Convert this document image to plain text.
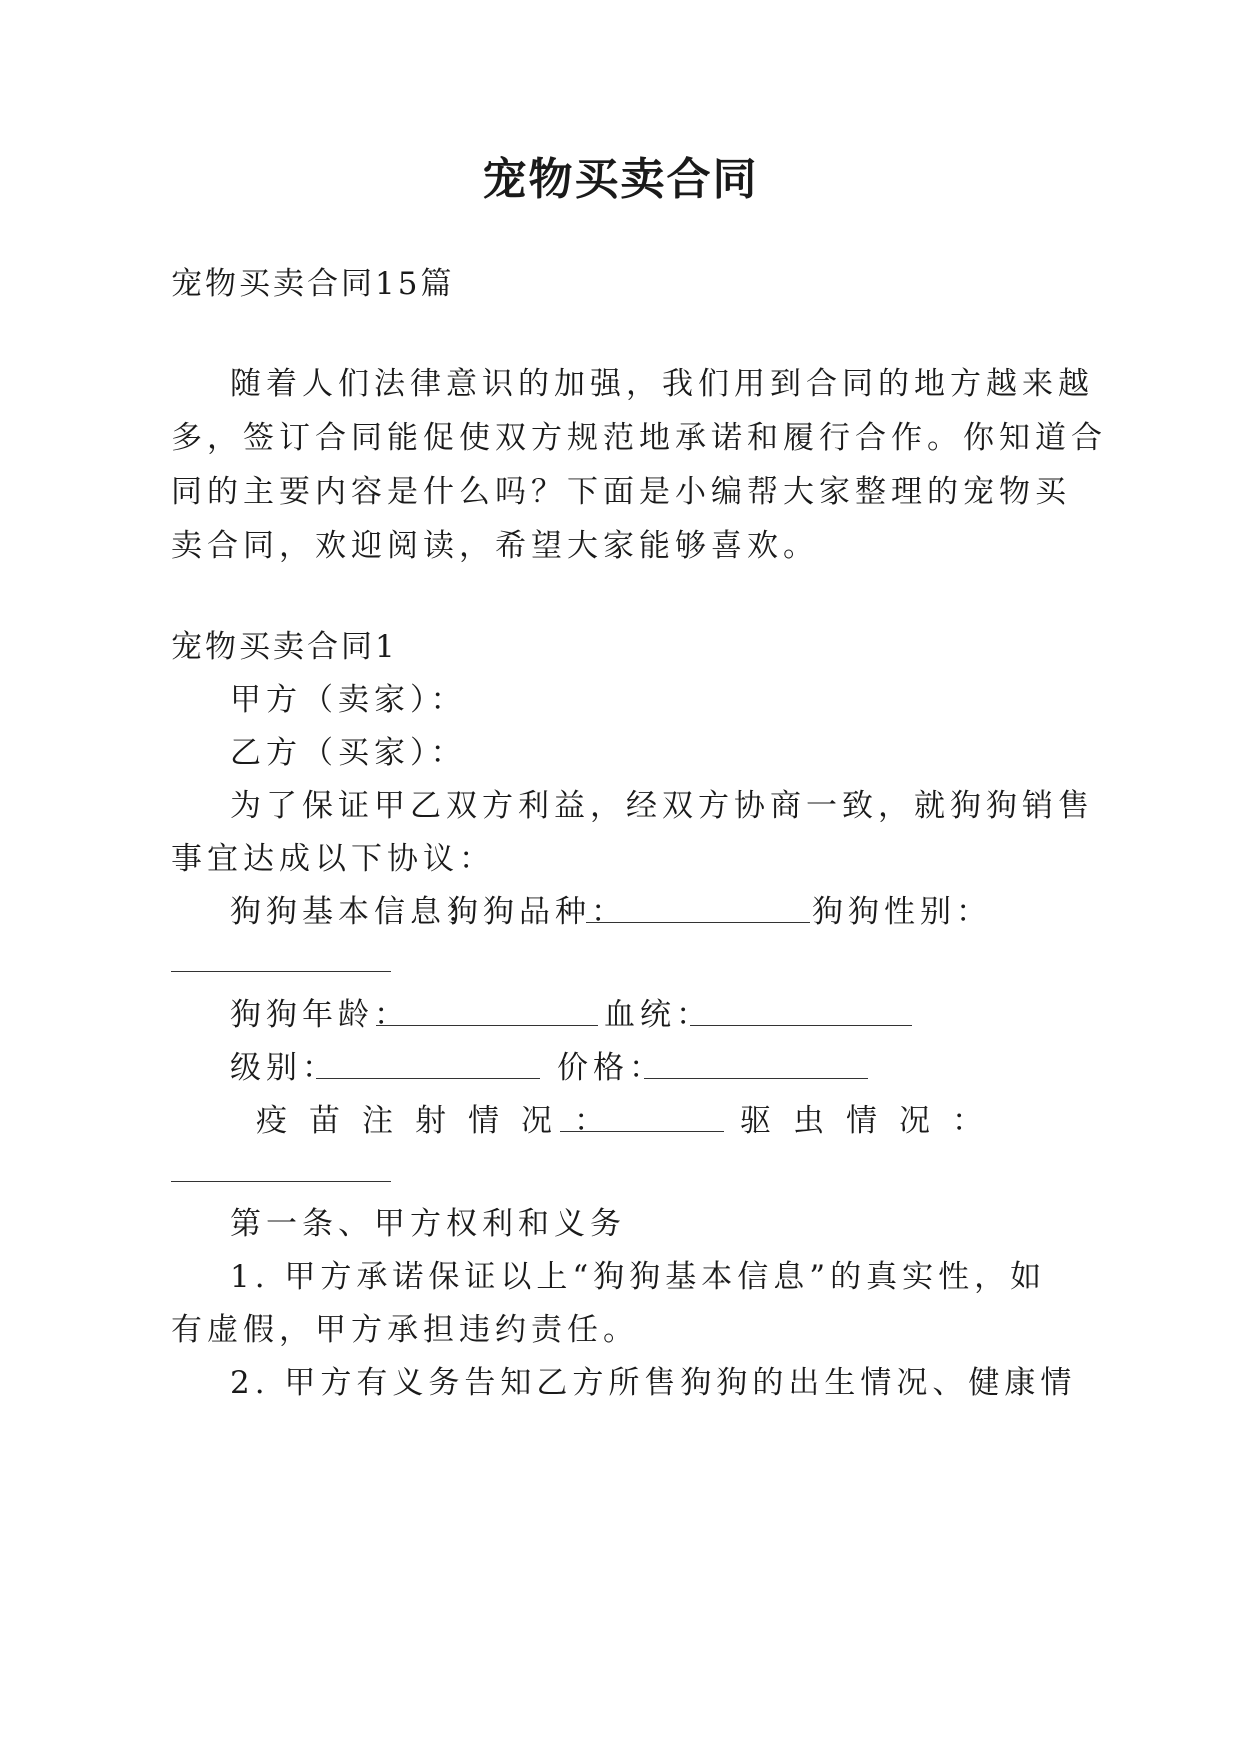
宠物买卖合同
宠物买卖合同15篇
随着人们法律意识的加强，我们用到合同的地方越来越
多，签订合同能促使双方规范地承诺和履行合作。你知道合
同的主要内容是什么吗？下面是小编帮大家整理的宠物买
卖合同，欢迎阅读，希望大家能够喜欢。
宠物买卖合同1
甲方（卖家）：
乙方（买家）：
为了保证甲乙双方利益，经双方协商一致，就狗狗销售
事宜达成以下协议：
狗狗基本信息：
狗狗品种：	狗狗性别：
狗狗年龄：	血统：
级别：	价格：
疫苗注射情况：	驱虫情况：
第一条、甲方权利和义务
1. 甲方承诺保证以上“狗狗基本信息”的真实性，如
有虚假，甲方承担违约责任。
2. 甲方有义务告知乙方所售狗狗的出生情况、健康情
